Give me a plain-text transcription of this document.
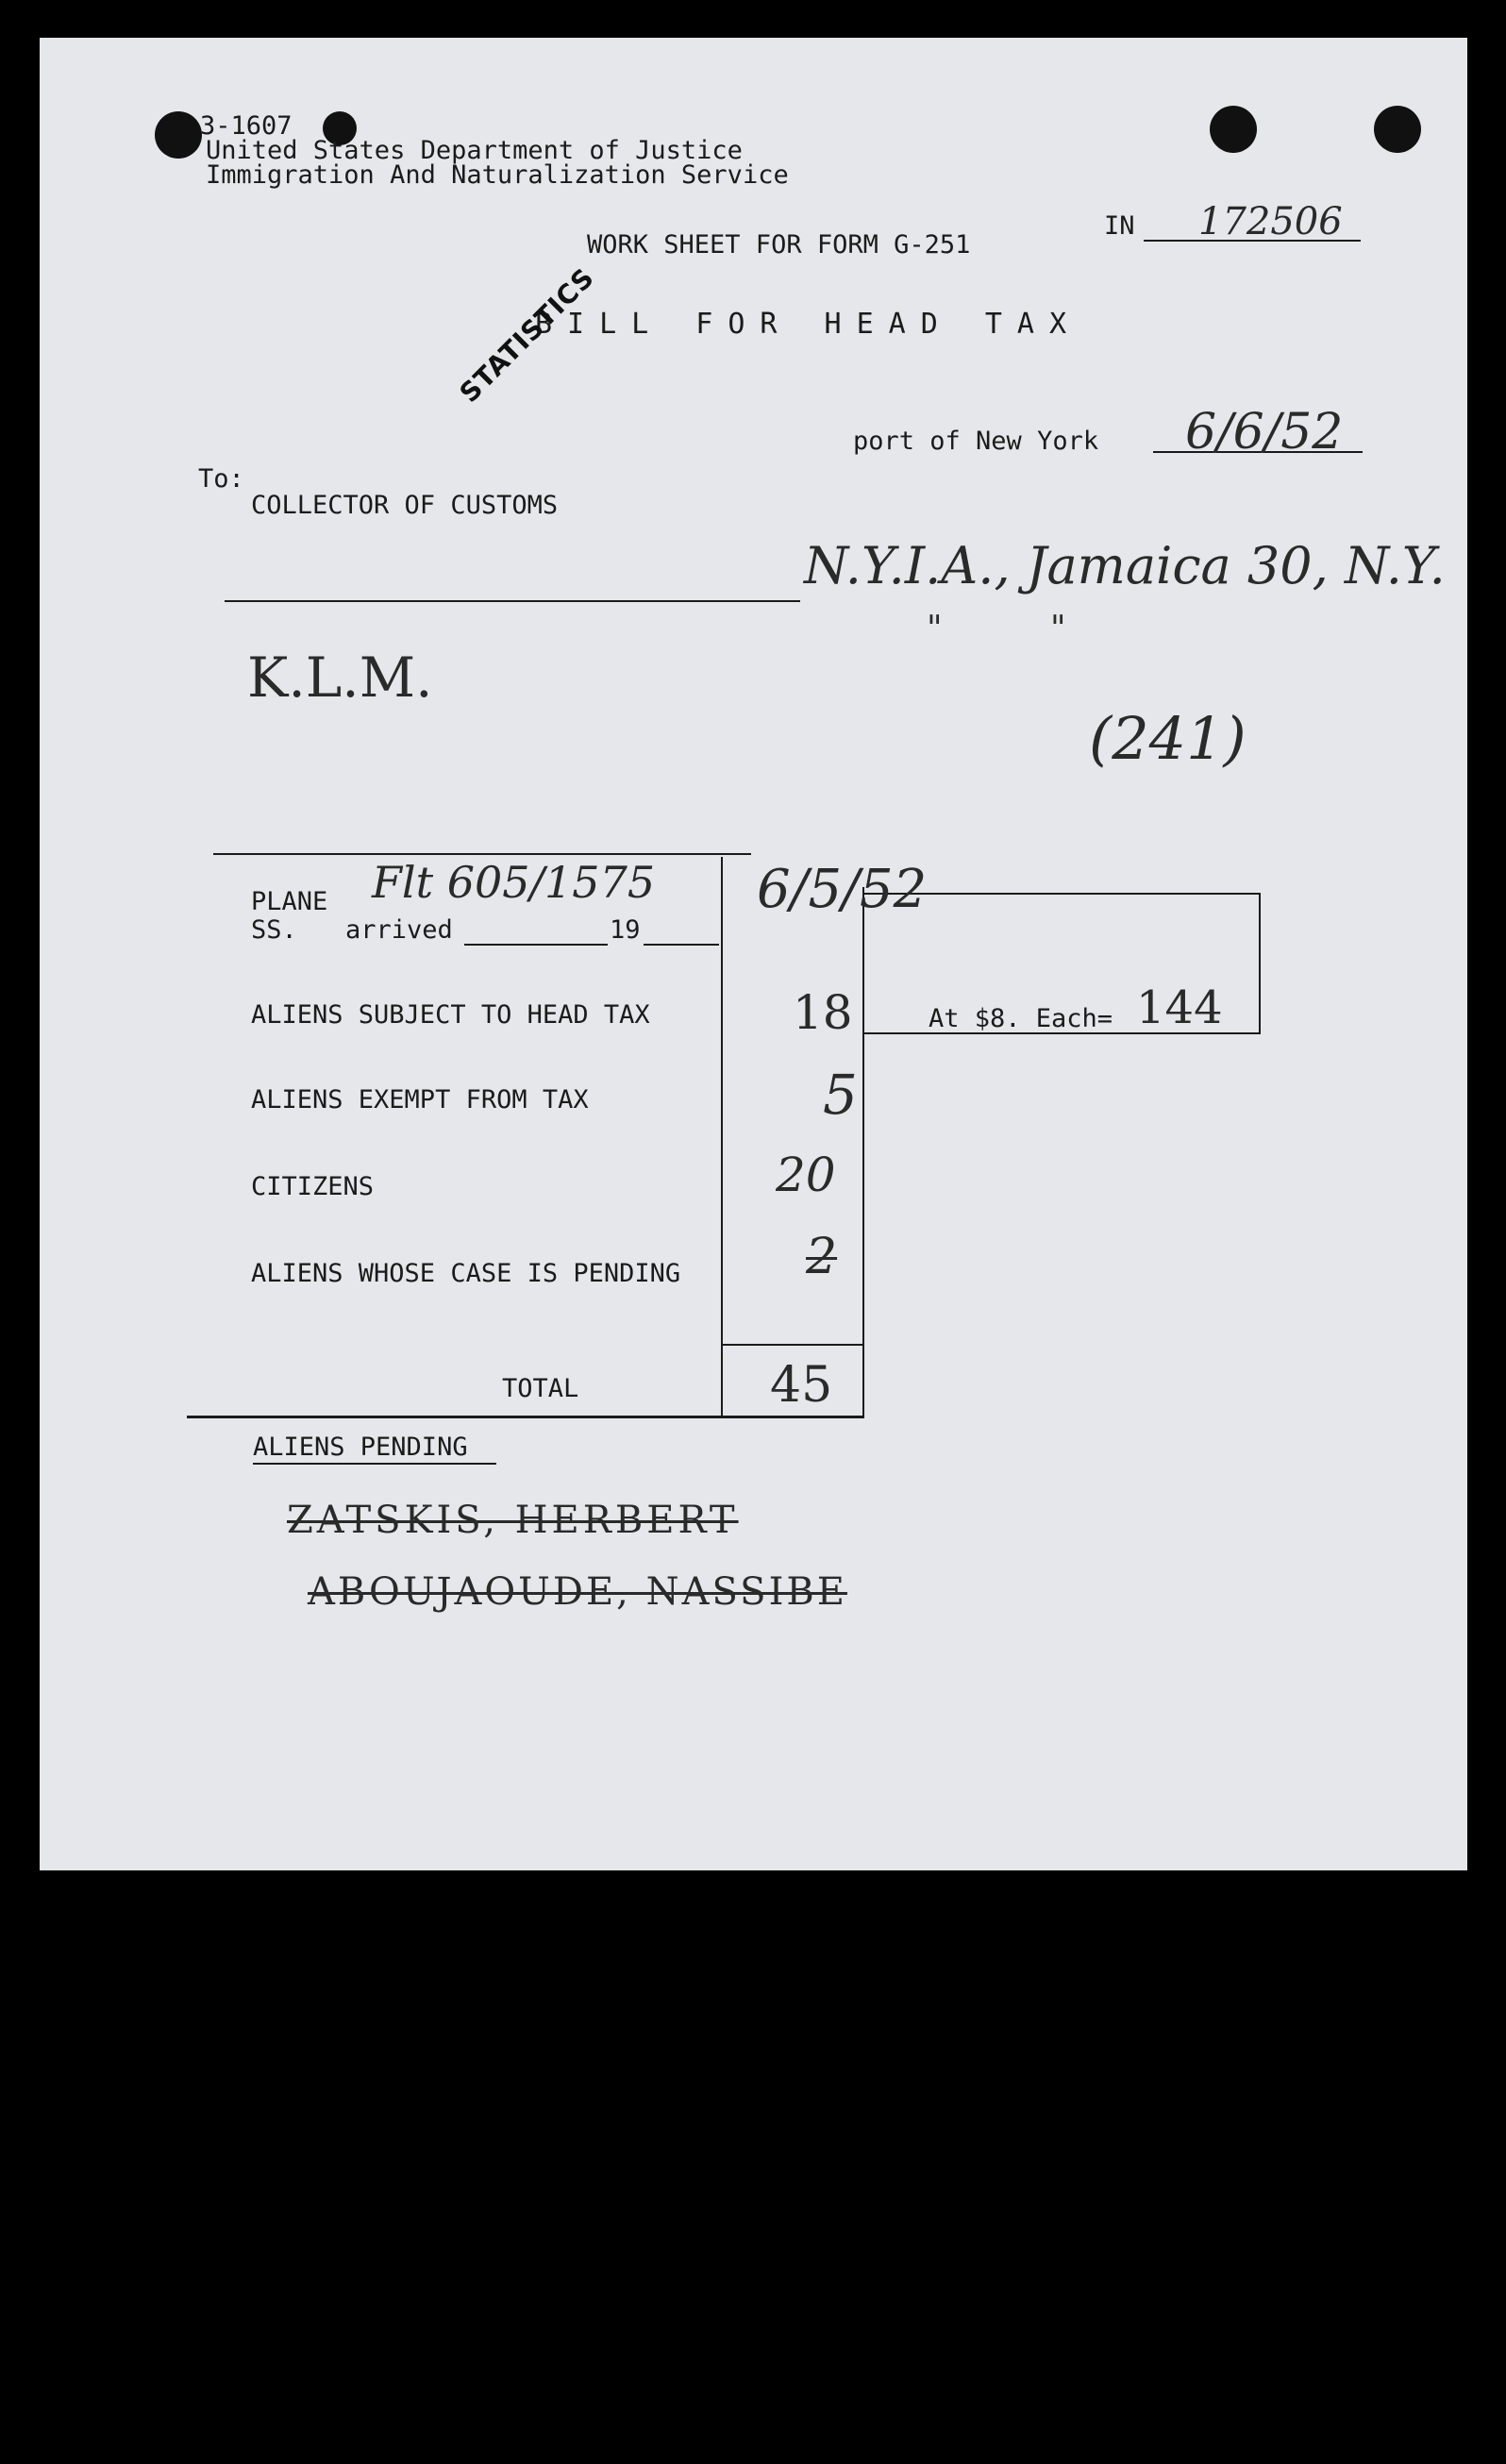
3-1607
United States Department of Justice
Immigration And Naturalization Service
WORK SHEET FOR FORM G-251
IN 172506
BILL FOR HEAD TAX
STATISTICS
port of New York 6/6/52
To:
COLLECTOR OF CUSTOMS
N.Y.I.A., Jamaica 30, N.Y.
"          "
K.L.M.
(241)
PLANE Flt 605/1575
SS. arrived	19
6/5/52
ALIENS SUBJECT TO HEAD TAX	18	At $8. Each= 144
ALIENS EXEMPT FROM TAX	5
CITIZENS	20
ALIENS WHOSE CASE IS PENDING	2
TOTAL	45
ALIENS PENDING
ZATSKIS, HERBERT
ABOUJAOUDE, NASSIBE
